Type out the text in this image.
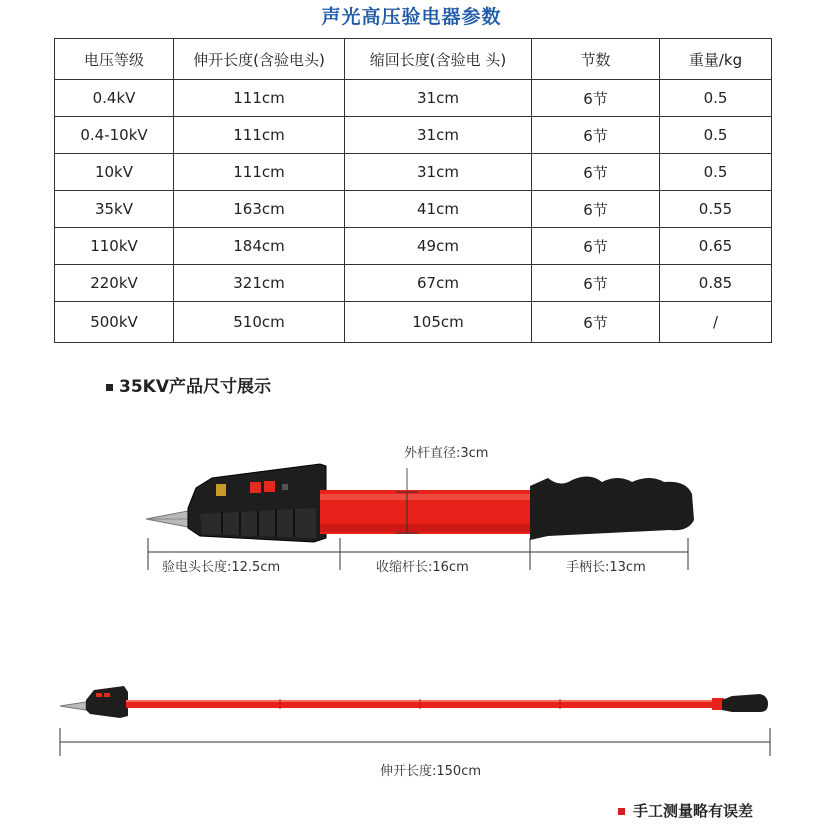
声光高压验电器参数
电压等级	伸开长度(含验电头)	缩回长度(含验电 头)	节数	重量/kg
0.4kV	111cm	31cm	6节	0.5
0.4-10kV	111cm	31cm	6节	0.5
10kV	111cm	31cm	6节	0.5
35kV	163cm	41cm	6节	0.55
110kV	184cm	49cm	6节	0.65
220kV	321cm	67cm	6节	0.85
500kV	510cm	105cm	6节	/
35KV产品尺寸展示
外杆直径:3cm
验电头长度:12.5cm	收缩杆长:16cm	手柄长:13cm
伸开长度:150cm
手工测量略有误差
